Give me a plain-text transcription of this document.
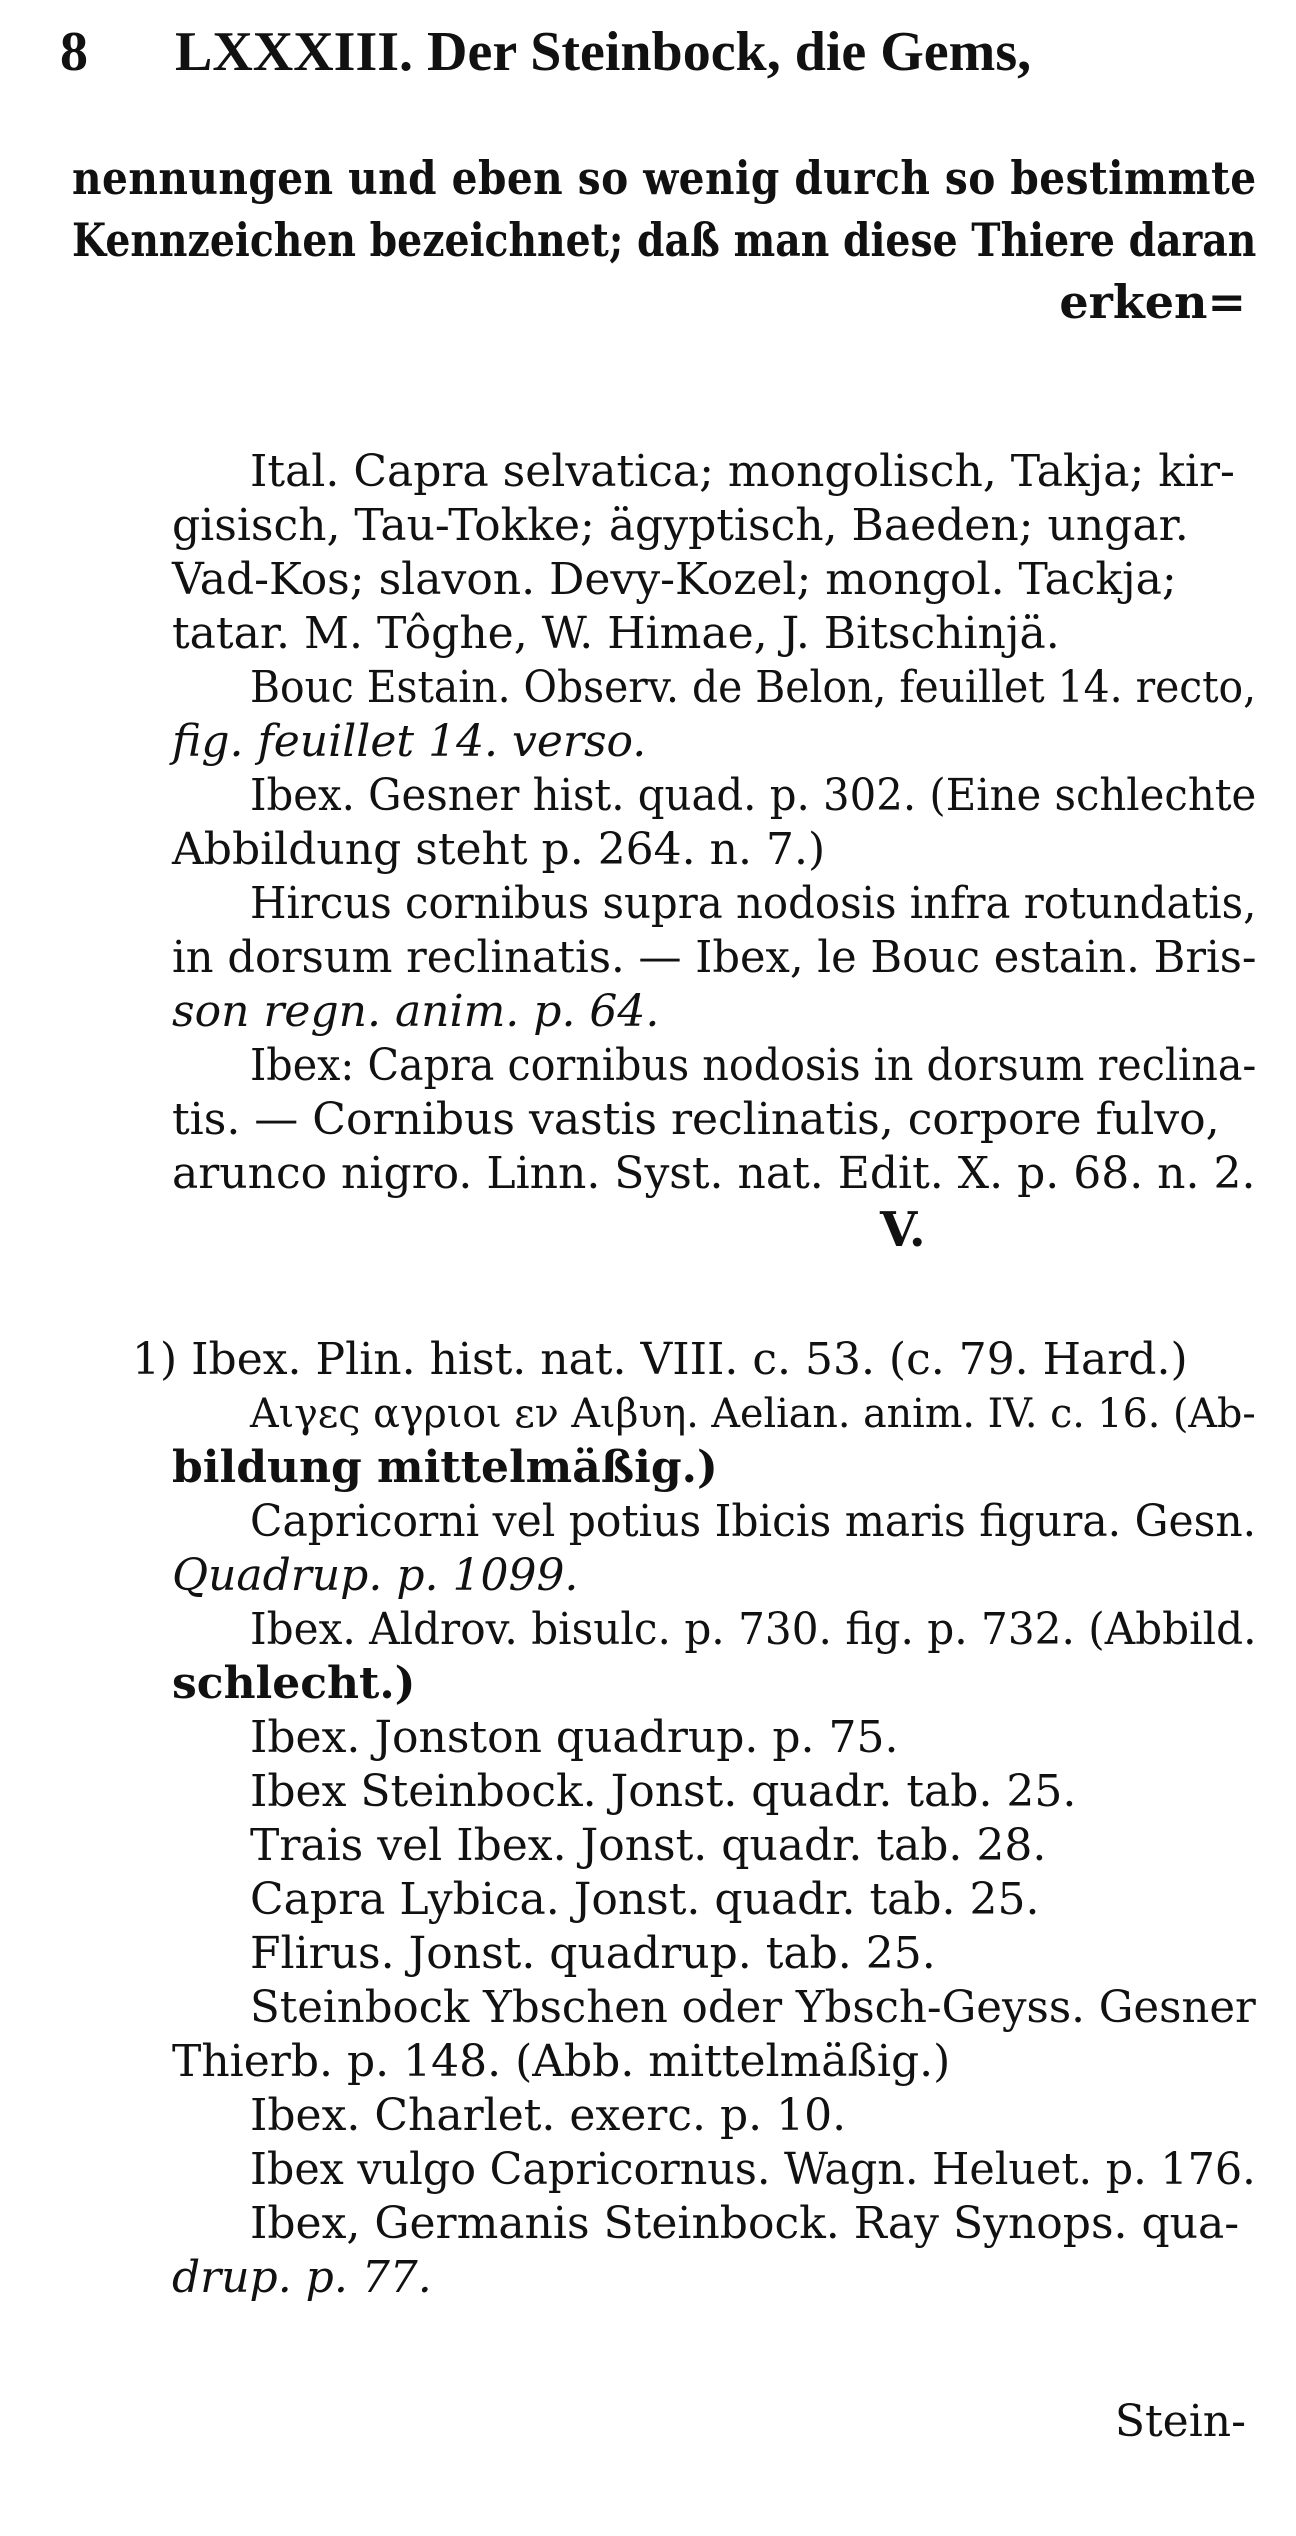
8 LXXXIII. Der Steinbock, die Gems,
nennungen und eben so wenig durch so bestimmte
Kennzeichen bezeichnet; daß man diese Thiere daran
erken=
Ital. Capra selvatica; mongolisch, Takja; kir-
gisisch, Tau-Tokke; ägyptisch, Baeden; ungar.
Vad-Kos; slavon. Devy-Kozel; mongol. Tackja;
tatar. M. Tôghe, W. Himae, J. Bitschinjä.
Bouc Estain. Observ. de Belon, feuillet 14. recto,
fig. feuillet 14. verso.
Ibex. Gesner hist. quad. p. 302. (Eine schlechte
Abbildung steht p. 264. n. 7.)
Hircus cornibus supra nodosis infra rotundatis,
in dorsum reclinatis. — Ibex, le Bouc estain. Bris-
son regn. anim. p. 64.
Ibex: Capra cornibus nodosis in dorsum reclina-
tis. — Cornibus vastis reclinatis, corpore fulvo,
arunco nigro. Linn. Syst. nat. Edit. X. p. 68. n. 2.
V.
1) Ibex. Plin. hist. nat. VIII. c. 53. (c. 79. Hard.)
Αιγες αγριοι εν Αιβυη. Aelian. anim. IV. c. 16. (Ab-
bildung mittelmäßig.)
Capricorni vel potius Ibicis maris figura. Gesn.
Quadrup. p. 1099.
Ibex. Aldrov. bisulc. p. 730. fig. p. 732. (Abbild.
schlecht.)
Ibex. Jonston quadrup. p. 75.
Ibex Steinbock. Jonst. quadr. tab. 25.
Trais vel Ibex. Jonst. quadr. tab. 28.
Capra Lybica. Jonst. quadr. tab. 25.
Flirus. Jonst. quadrup. tab. 25.
Steinbock Ybschen oder Ybsch-Geyss. Gesner
Thierb. p. 148. (Abb. mittelmäßig.)
Ibex. Charlet. exerc. p. 10.
Ibex vulgo Capricornus. Wagn. Heluet. p. 176.
Ibex, Germanis Steinbock. Ray Synops. qua-
drup. p. 77.
Stein-
